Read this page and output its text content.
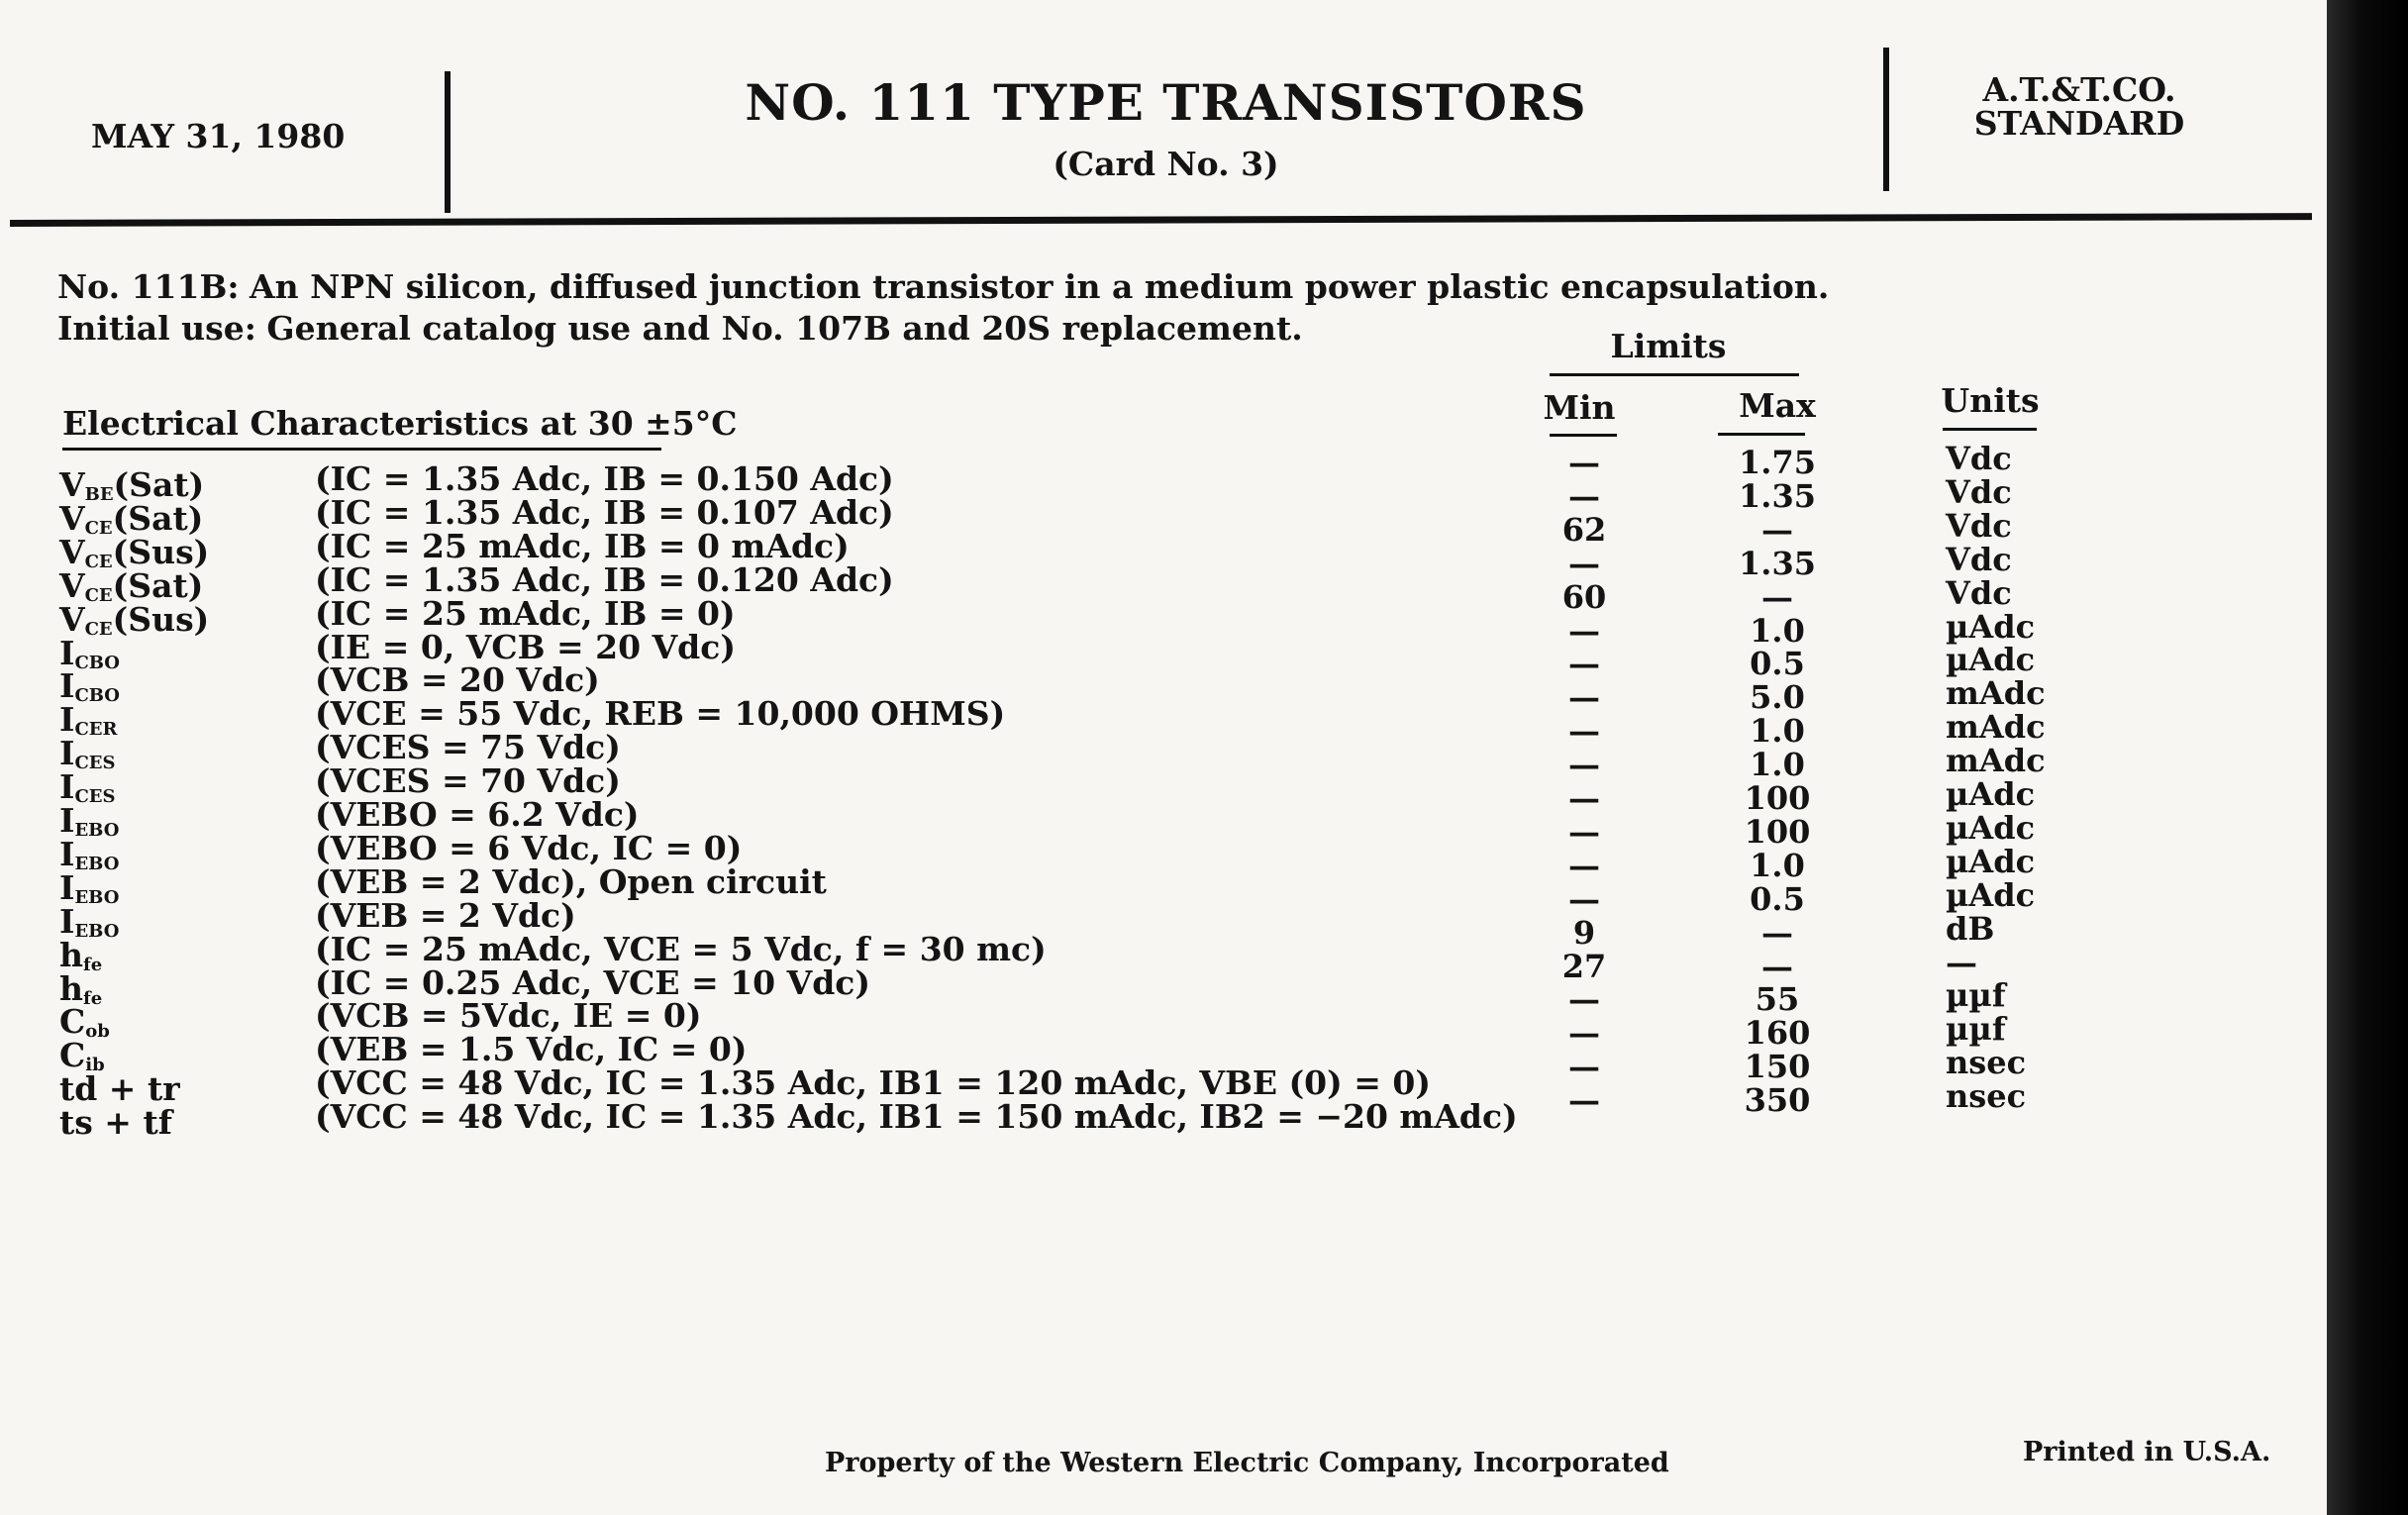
MAY 31, 1980
NO. 111 TYPE TRANSISTORS
(Card No. 3)
A.T.&T.CO.
STANDARD
No. 111B: An NPN silicon, diffused junction transistor in a medium power plastic encapsulation.
Initial use: General catalog use and No. 107B and 20S replacement.	Limits
Min	Max	Units
Electrical Characteristics at 30 ±5°C
$V_{BE}(Sat)$	(IC = 1.35 Adc, IB = 0.150 Adc)	—	1.75	Vdc
$V_{CE}(Sat)$	(IC = 1.35 Adc, IB = 0.107 Adc)	—	1.35	Vdc
$V_{CE}(Sus)$	(IC = 25 mAdc, IB = 0 mAdc)	62	—	Vdc
$V_{CE}(Sat)$	(IC = 1.35 Adc, IB = 0.120 Adc)	—	1.35	Vdc
$V_{CE}(Sus)$	(IC = 25 mAdc, IB = 0)	60	—	Vdc
$I_{CBO}$	(IE = 0, VCB = 20 Vdc)	—	1.0	µAdc
$I_{CBO}$	(VCB = 20 Vdc)	—	0.5	µAdc
$I_{CER}$	(VCE = 55 Vdc, REB = 10,000 OHMS)	—	5.0	mAdc
$I_{CES}$	(VCES = 75 Vdc)	—	1.0	mAdc
$I_{CES}$	(VCES = 70 Vdc)	—	1.0	mAdc
$I_{EBO}$	(VEBO = 6.2 Vdc)	—	100	µAdc
$I_{EBO}$	(VEBO = 6 Vdc, IC = 0)	—	100	µAdc
$I_{EBO}$	(VEB = 2 Vdc), Open circuit	—	1.0	µAdc
$I_{EBO}$	(VEB = 2 Vdc)	—	0.5	µAdc
$h_{fe}$	(IC = 25 mAdc, VCE = 5 Vdc, f = 30 mc)	9	—	dB
$h_{fe}$	(IC = 0.25 Adc, VCE = 10 Vdc)	27	—	—
$C_{ob}$	(VCB = 5Vdc, IE = 0)	—	55	µµf
$C_{ib}$	(VEB = 1.5 Vdc, IC = 0)	—	160	µµf
td + tr	(VCC = 48 Vdc, IC = 1.35 Adc, IB1 = 120 mAdc, VBE (0) = 0)	—	150	nsec
ts + tf	(VCC = 48 Vdc, IC = 1.35 Adc, IB1 = 150 mAdc, IB2 = −20 mAdc)	—	350	nsec
Property of the Western Electric Company, Incorporated	Printed in U.S.A.
